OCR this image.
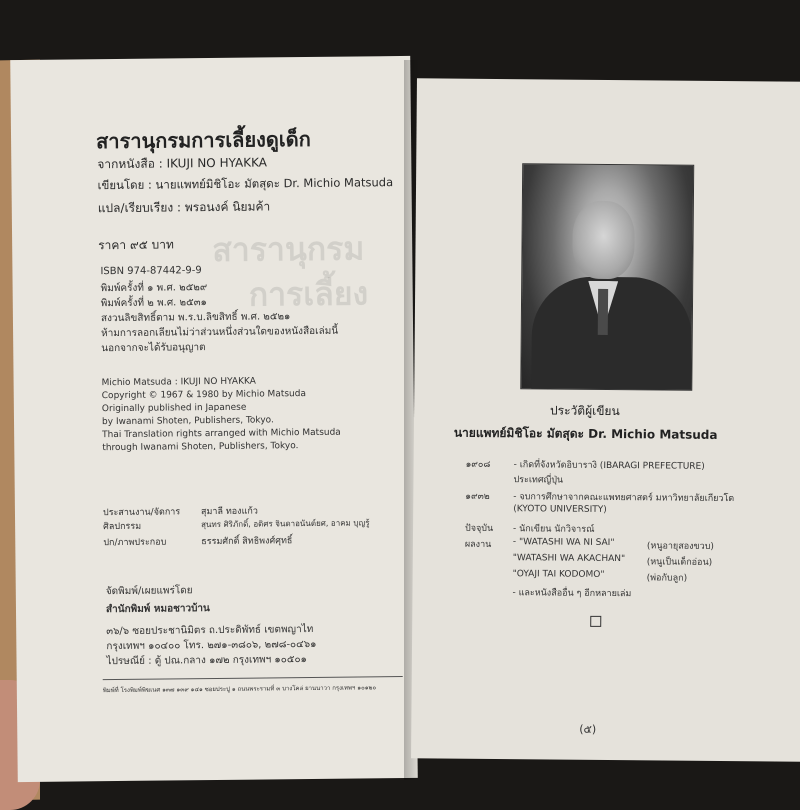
สารานุกรมการเลี้ยงดูเด็ก
จากหนังสือ : IKUJI NO HYAKKA
เขียนโดย : นายแพทย์มิชิโอะ มัตสุดะ Dr. Michio Matsuda
แปล/เรียบเรียง : พรอนงค์ นิยมค้า
ราคา ๙๕ บาท สารานุกรม
การเลี้ยง
ISBN 974-87442-9-9
พิมพ์ครั้งที่ ๑ พ.ศ. ๒๕๒๙
พิมพ์ครั้งที่ ๒ พ.ศ. ๒๕๓๑
สงวนลิขสิทธิ์ตาม พ.ร.บ.ลิขสิทธิ์ พ.ศ. ๒๕๒๑
ห้ามการลอกเลียนไม่ว่าส่วนหนึ่งส่วนใดของหนังสือเล่มนี้
นอกจากจะได้รับอนุญาต
Michio Matsuda : IKUJI NO HYAKKA
Copyright © 1967 & 1980 by Michio Matsuda
Originally published in Japanese
by Iwanami Shoten, Publishers, Tokyo.
Thai Translation rights arranged with Michio Matsuda
through Iwanami Shoten, Publishers, Tokyo.
ประสานงาน/จัดการ สุมาลี ทองแก้ว
ศิลปกรรม	สุนทร ศิริภักดิ์, อดิศร จินดาอนันต์ยศ, อาคม บุญรู้
ปก/ภาพประกอบ	ธรรมศักดิ์ สิทธิพงศ์ศุทธิ์
จัดพิมพ์/เผยแพร่โดย
สำนักพิมพ์ หมอชาวบ้าน
๓๖/๖ ซอยประชานิมิตร ถ.ประดิพัทธ์ เขตพญาไท
กรุงเทพฯ ๑๐๔๐๐ โทร. ๒๗๑-๓๘๐๖, ๒๗๘-๐๔๖๑
ไปรษณีย์ : ตู้ ปณ.กลาง ๑๗๒ กรุงเทพฯ ๑๐๕๐๑
พิมพ์ที่ โรงพิมพ์พิฆเนศ ๑๓๗ ๑๓๙ ๑๔๑ ซอยประปู ๑ ถนนพระรามที่ ๓ บางโคล่ ยานนาวา กรุงเทพฯ ๑๐๑๒๐
ประวัติผู้เขียน
นายแพทย์มิชิโอะ มัตสุดะ Dr. Michio Matsuda
๑๙๐๘	- เกิดที่จังหวัดอิบารางิ (IBARAGI PREFECTURE)
ประเทศญี่ปุ่น
๑๙๓๒	- จบการศึกษาจากคณะแพทยศาสตร์ มหาวิทยาลัยเกียวโต
(KYOTO UNIVERSITY)
ปัจจุบัน - นักเขียน นักวิจารณ์
ผลงาน - "WATASHI WA NI SAI"	(หนูอายุสองขวบ)
"WATASHI WA AKACHAN" (หนูเป็นเด็กอ่อน)
"OYAJI TAI KODOMO"	(พ่อกับลูก)
- และหนังสืออื่น ๆ อีกหลายเล่ม
(๕)
